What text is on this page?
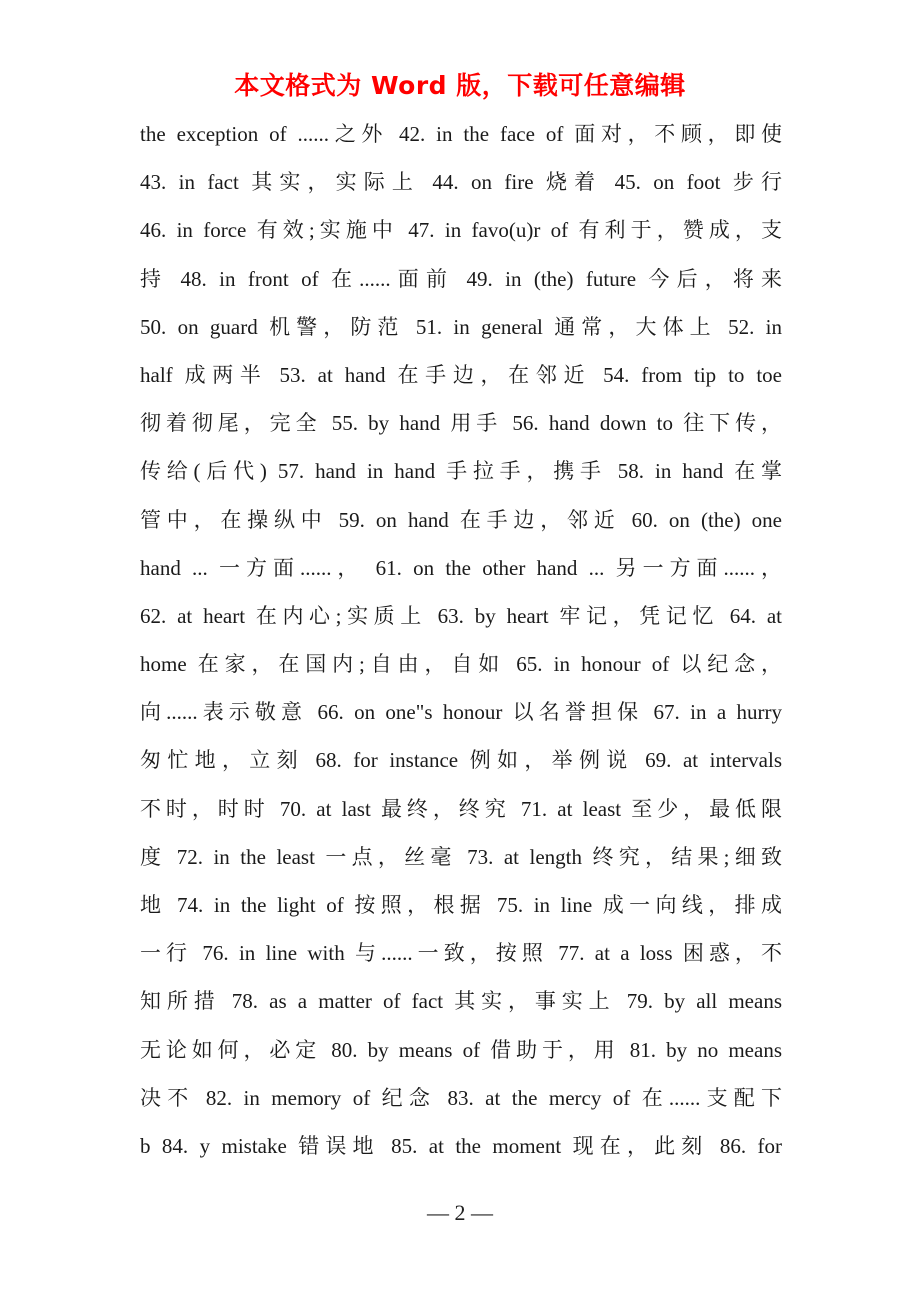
本文格式为 Word 版，下载可任意编辑
the exception of ......之外 42. in the face of 面对，不顾，即使
43. in fact 其实，实际上 44. on fire 烧着 45. on foot 步行
46. in force 有效;实施中 47. in favo(u)r of 有利于，赞成，支
持 48. in front of 在......面前 49. in (the) future 今后，将来
50. on guard 机警，防范 51. in general 通常，大体上 52. in
half 成两半 53. at hand 在手边，在邻近 54. from tip to toe
彻着彻尾，完全 55. by hand 用手 56. hand down to 往下传，
传给(后代) 57. hand in hand 手拉手，携手 58. in hand 在掌
管中，在操纵中 59. on hand 在手边，邻近 60. on (the) one
hand ... 一方面......， 61. on the other hand ... 另一方面......，
62. at heart 在内心;实质上 63. by heart 牢记，凭记忆 64. at
home 在家，在国内;自由，自如 65. in honour of 以纪念，
向......表示敬意 66. on one"s honour 以名誉担保 67. in a hurry
匆忙地，立刻 68. for instance 例如，举例说 69. at intervals
不时，时时 70. at last 最终，终究 71. at least 至少，最低限
度 72. in the least 一点，丝毫 73. at length 终究，结果;细致
地 74. in the light of 按照，根据 75. in line 成一向线，排成
一行 76. in line with 与......一致，按照 77. at a loss 困惑，不
知所措 78. as a matter of fact 其实，事实上 79. by all means
无论如何，必定 80. by means of 借助于，用 81. by no means
决不 82. in memory of 纪念 83. at the mercy of 在......支配下
b 84. y mistake 错误地 85. at the moment 现在，此刻 86. for
— 2 —
